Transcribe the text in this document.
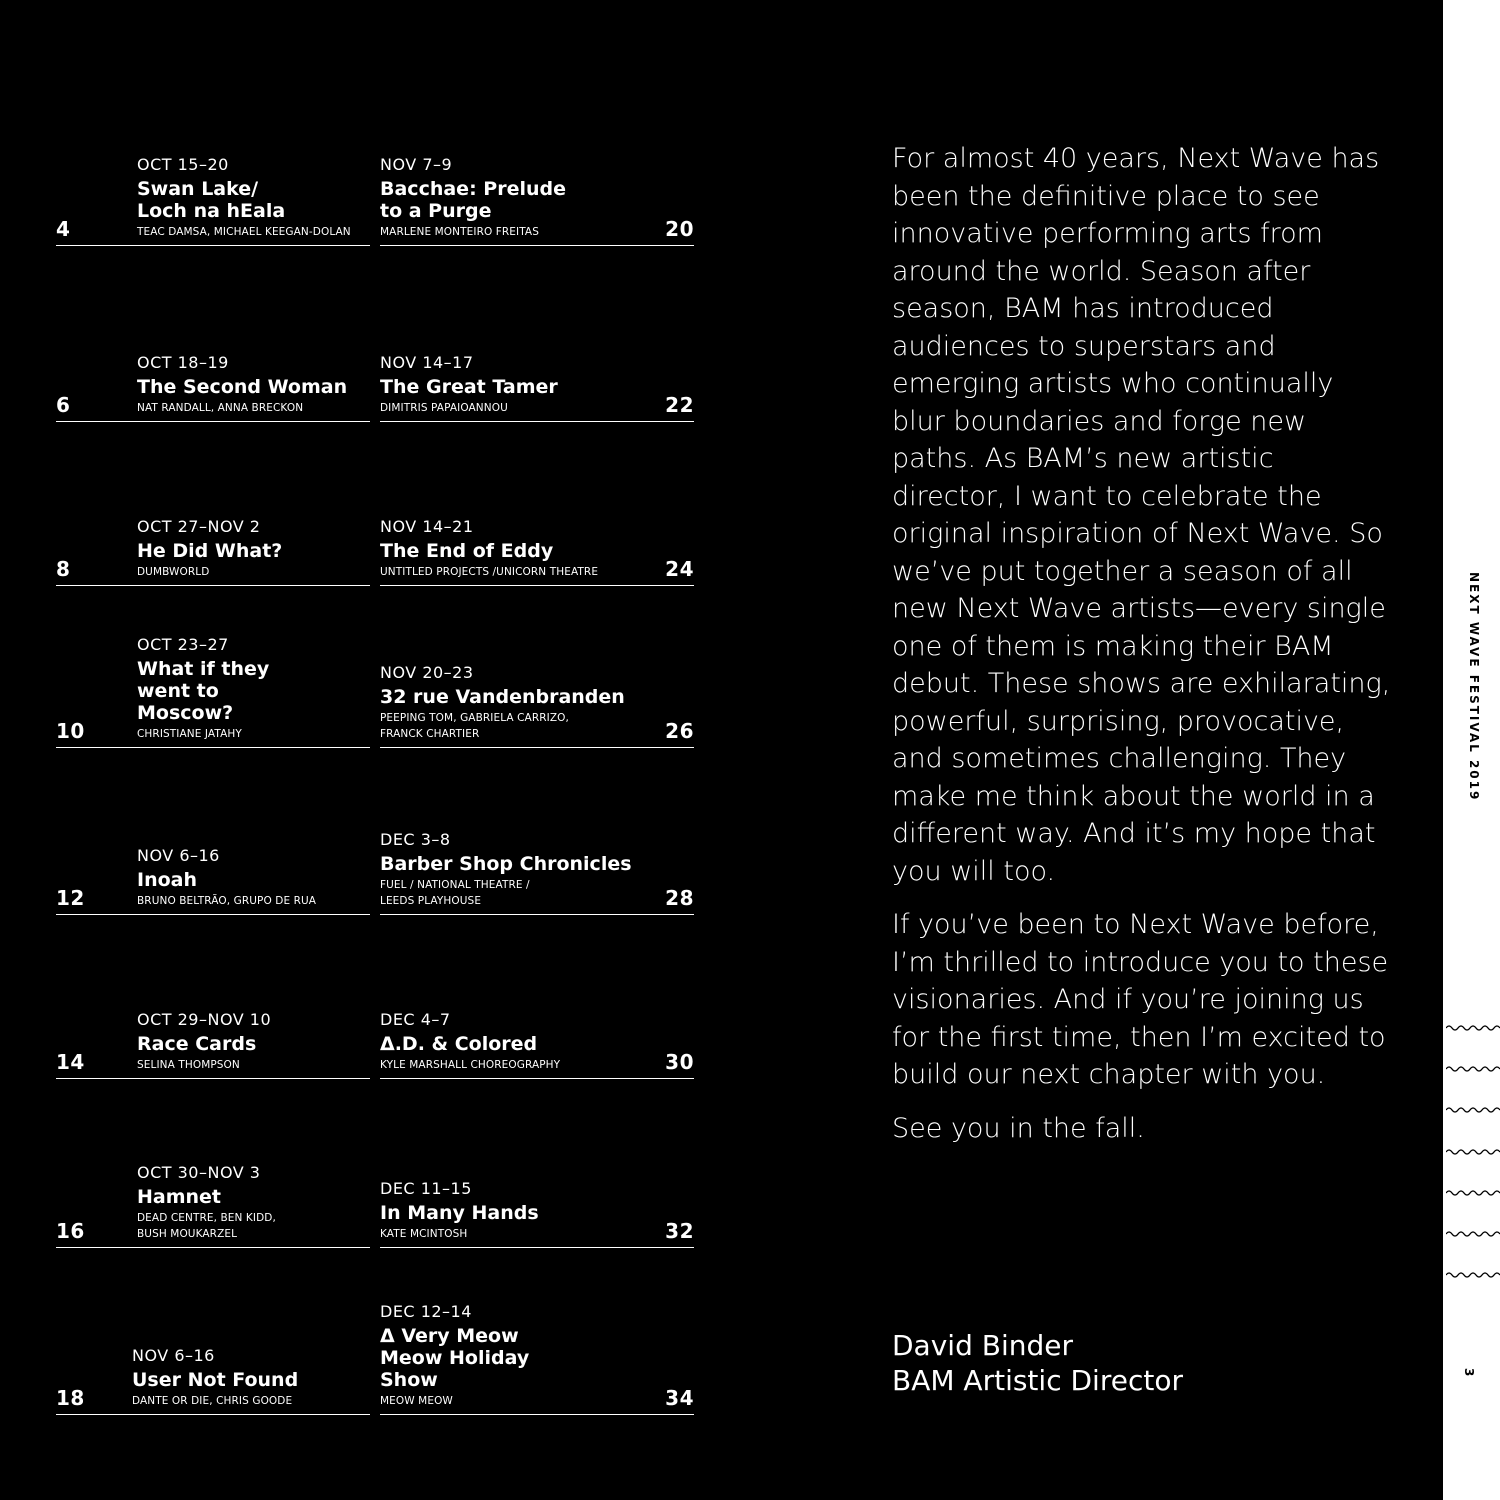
4
OCT 15–20
Swan Lake/ Loch na hEala
TEAC DAMSA, MICHAEL KEEGAN-DOLAN
6
OCT 18–19
The Second Woman
NAT RANDALL, ANNA BRECKON
8
OCT 27–NOV 2
He Did What?
DUMBWORLD
10
OCT 23–27
What if they went to Moscow?
CHRISTIANE JATAHY
12
NOV 6–16
Inoah
BRUNO BELTRÃO, GRUPO DE RUA
14
OCT 29–NOV 10
Race Cards
SELINA THOMPSON
16
OCT 30–NOV 3
Hamnet
DEAD CENTRE, BEN KIDD, BUSH MOUKARZEL
18
NOV 6–16
User Not Found
DANTE OR DIE, CHRIS GOODE
20
NOV 7–9
Bacchae: Prelude to a Purge
MARLENE MONTEIRO FREITAS
22
NOV 14–17
The Great Tamer
DIMITRIS PAPAIOANNOU
24
NOV 14–21
The End of Eddy
UNTITLED PROJECTS /UNICORN THEATRE
26
NOV 20–23
32 rue Vandenbranden
PEEPING TOM, GABRIELA CARRIZO, FRANCK CHARTIER
28
DEC 3–8
Barber Shop Chronicles
FUEL / NATIONAL THEATRE / LEEDS PLAYHOUSE
30
DEC 4–7
Δ.D. & Colored
KYLE MARSHALL CHOREOGRAPHY
32
DEC 11–15
In Many Hands
KATE MCINTOSH
34
DEC 12–14
Δ Very Meow Meow Holiday Show
MEOW MEOW

For almost 40 years, Next Wave has been the definitive place to see innovative performing arts from around the world. Season after season, BAM has introduced audiences to superstars and emerging artists who continually blur boundaries and forge new paths. As BAM’s new artistic director, I want to celebrate the original inspiration of Next Wave. So we’ve put together a season of all new Next Wave artists—every single one of them is making their BAM debut. These shows are exhilarating, powerful, surprising, provocative, and sometimes challenging. They make me think about the world in a different way. And it’s my hope that you will too.

If you’ve been to Next Wave before, I’m thrilled to introduce you to these visionaries. And if you’re joining us for the first time, then I’m excited to build our next chapter with you.

See you in the fall.

David Binder
BAM Artistic Director
NEXT WAVE FESTIVAL 2019
3
